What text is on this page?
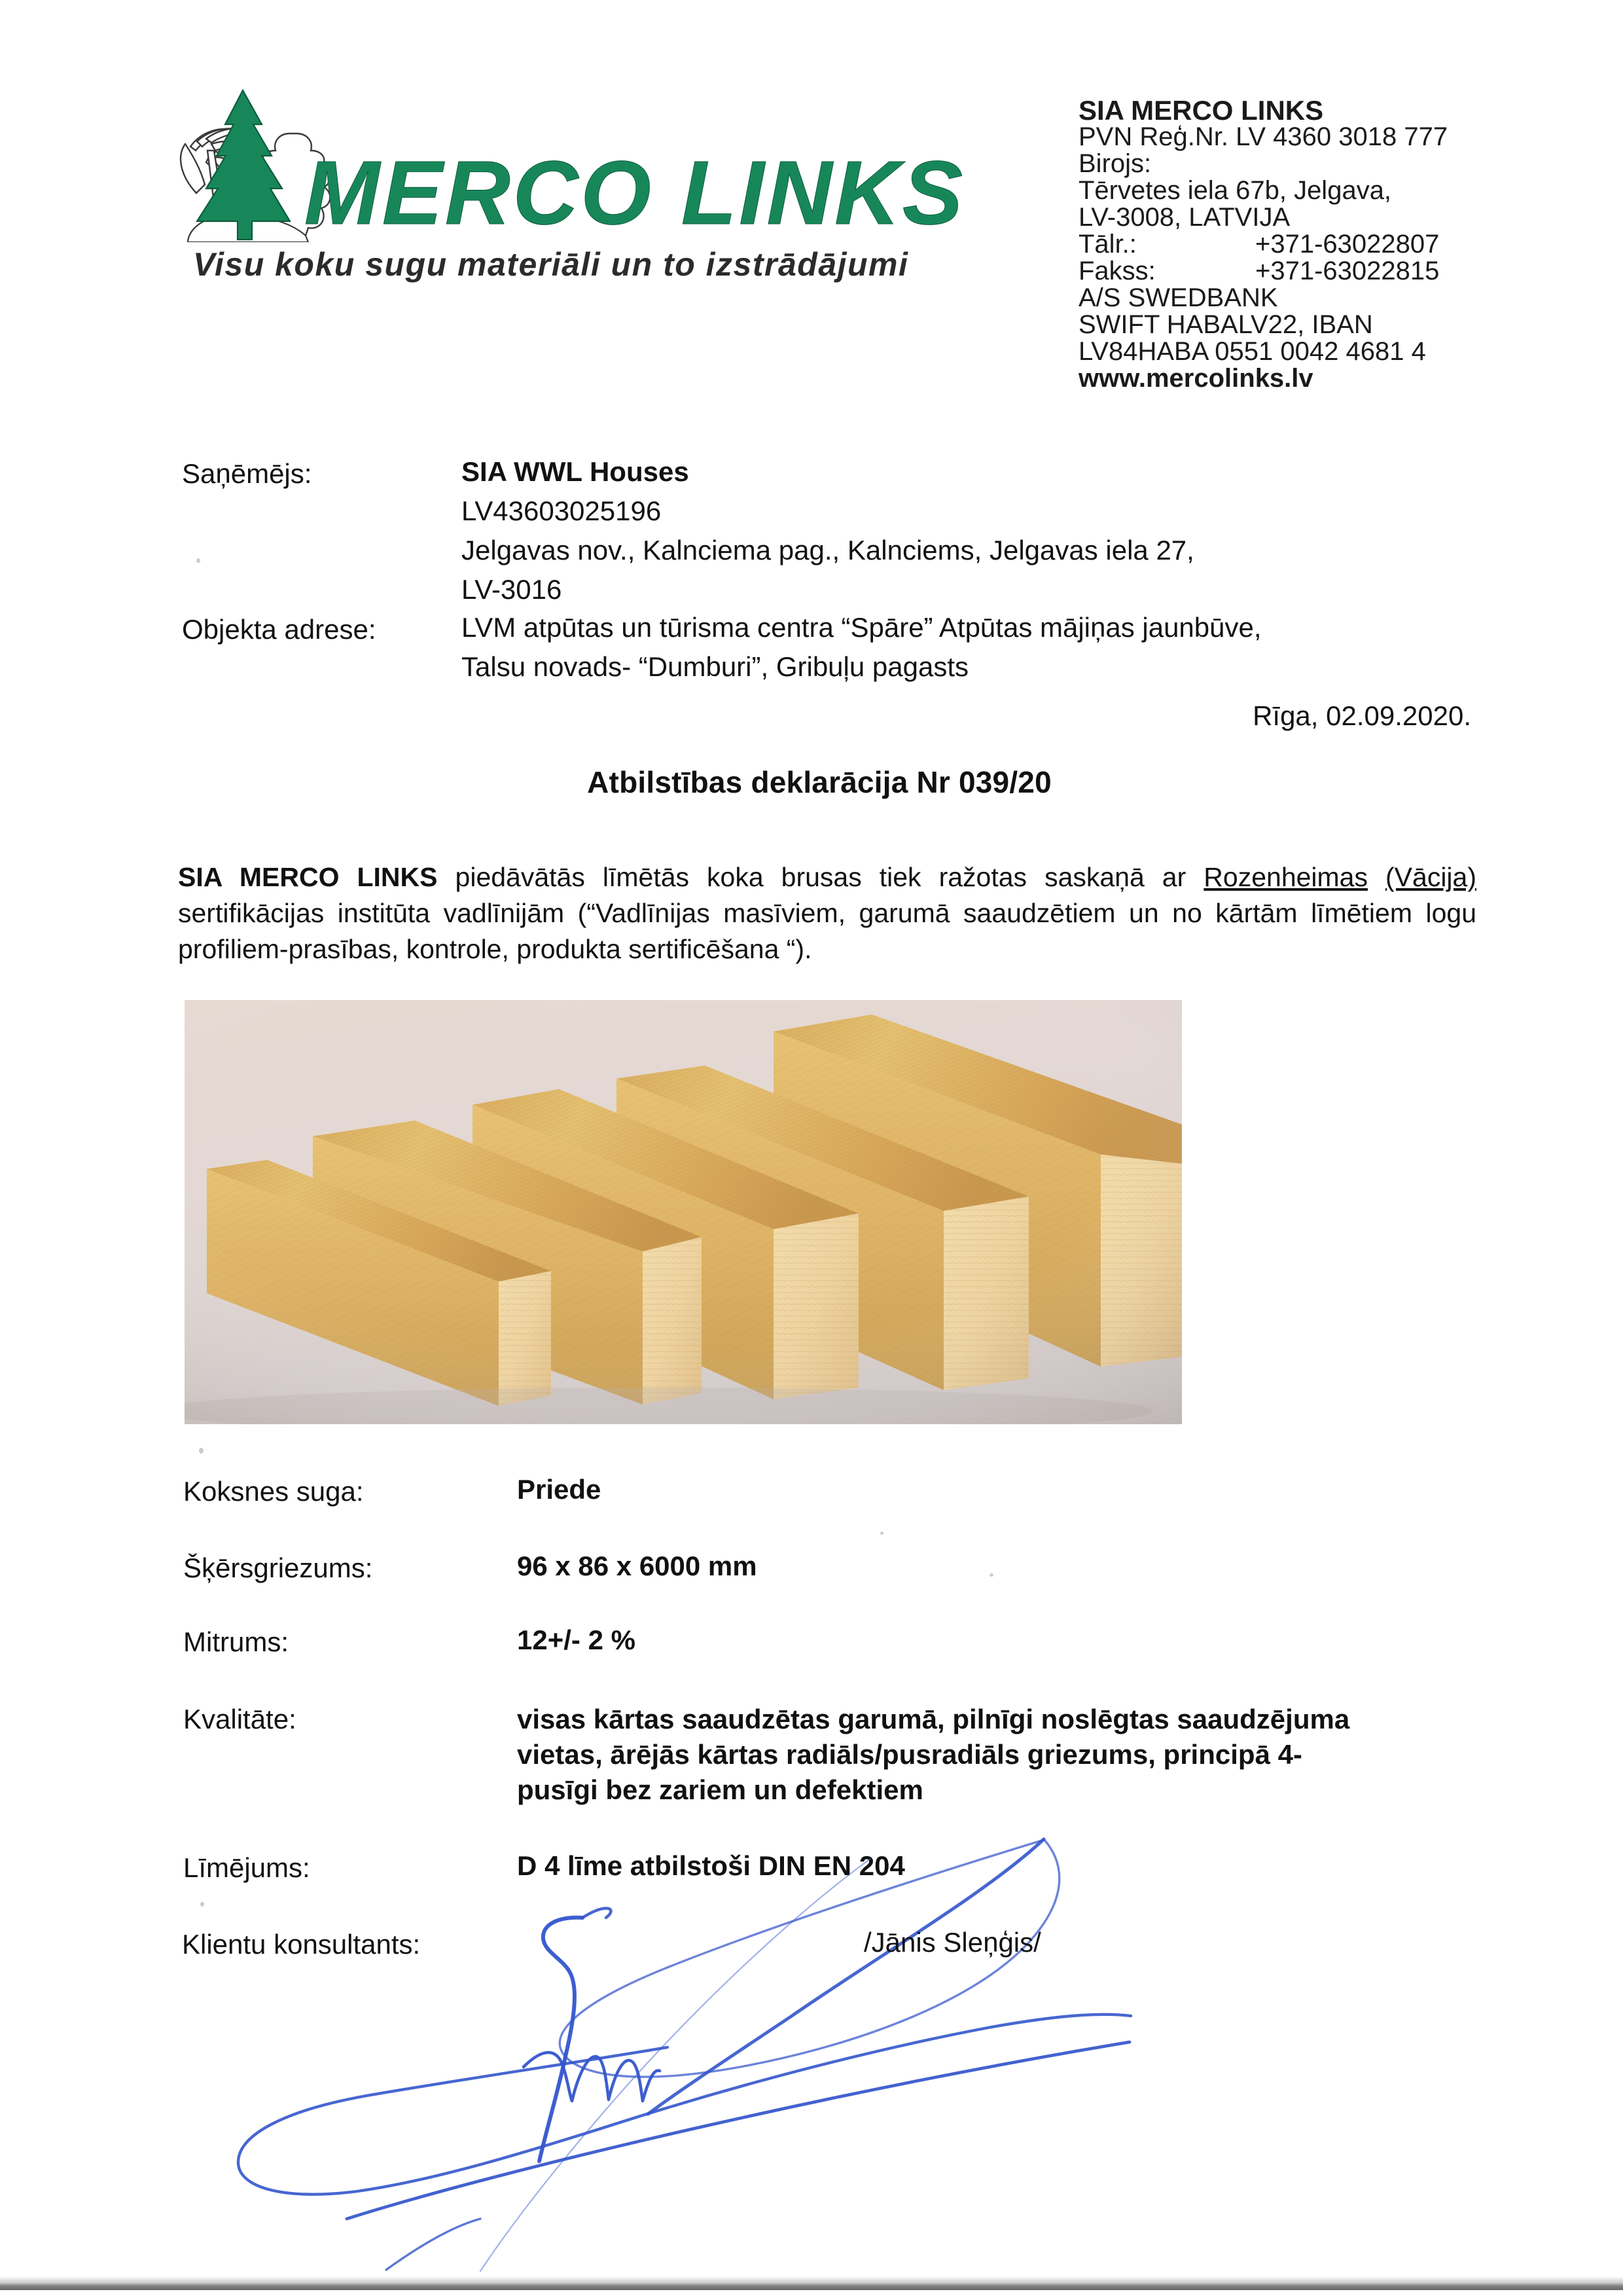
MERCO LINKS
Visu koku sugu materiāli un to izstrādājumi
SIA MERCO LINKS
PVN Reģ.Nr. LV 4360 3018 777
Birojs:
Tērvetes iela 67b, Jelgava,
LV-3008, LATVIJA
Tālr.:	+371-63022807
Fakss:	+371-63022815
A/S SWEDBANK
SWIFT HABALV22, IBAN
LV84HABA 0551 0042 4681 4
www.mercolinks.lv
Saņēmējs:	SIA WWL Houses
LV43603025196
Jelgavas nov., Kalnciema pag., Kalnciems, Jelgavas iela 27,
LV-3016
Objekta adrese:	LVM atpūtas un tūrisma centra “Spāre” Atpūtas mājiņas jaunbūve,
Talsu novads- “Dumburi”, Gribuļu pagasts
Rīga, 02.09.2020.
Atbilstības deklarācija Nr 039/20

SIA MERCO LINKS piedāvātās līmētās koka brusas tiek ražotas saskaņā ar Rozenheimas (Vācija) sertifikācijas institūta vadlīnijām (“Vadlīnijas masīviem, garumā saaudzētiem un no kārtām līmētiem logu profiliem-prasības, kontrole, produkta sertificēšana “).

Koksnes suga:	Priede
Šķērsgriezums:	96 x 86 x 6000 mm
Mitrums:	12+/- 2 %
Kvalitāte:	visas kārtas saaudzētas garumā, pilnīgi noslēgtas saaudzējuma vietas, ārējās kārtas radiāls/pusradiāls griezums, principā 4-pusīgi bez zariem un defektiem
Līmējums:	D 4 līme atbilstoši DIN EN 204
Klientu konsultants:	/Jānis Sleņģis/
